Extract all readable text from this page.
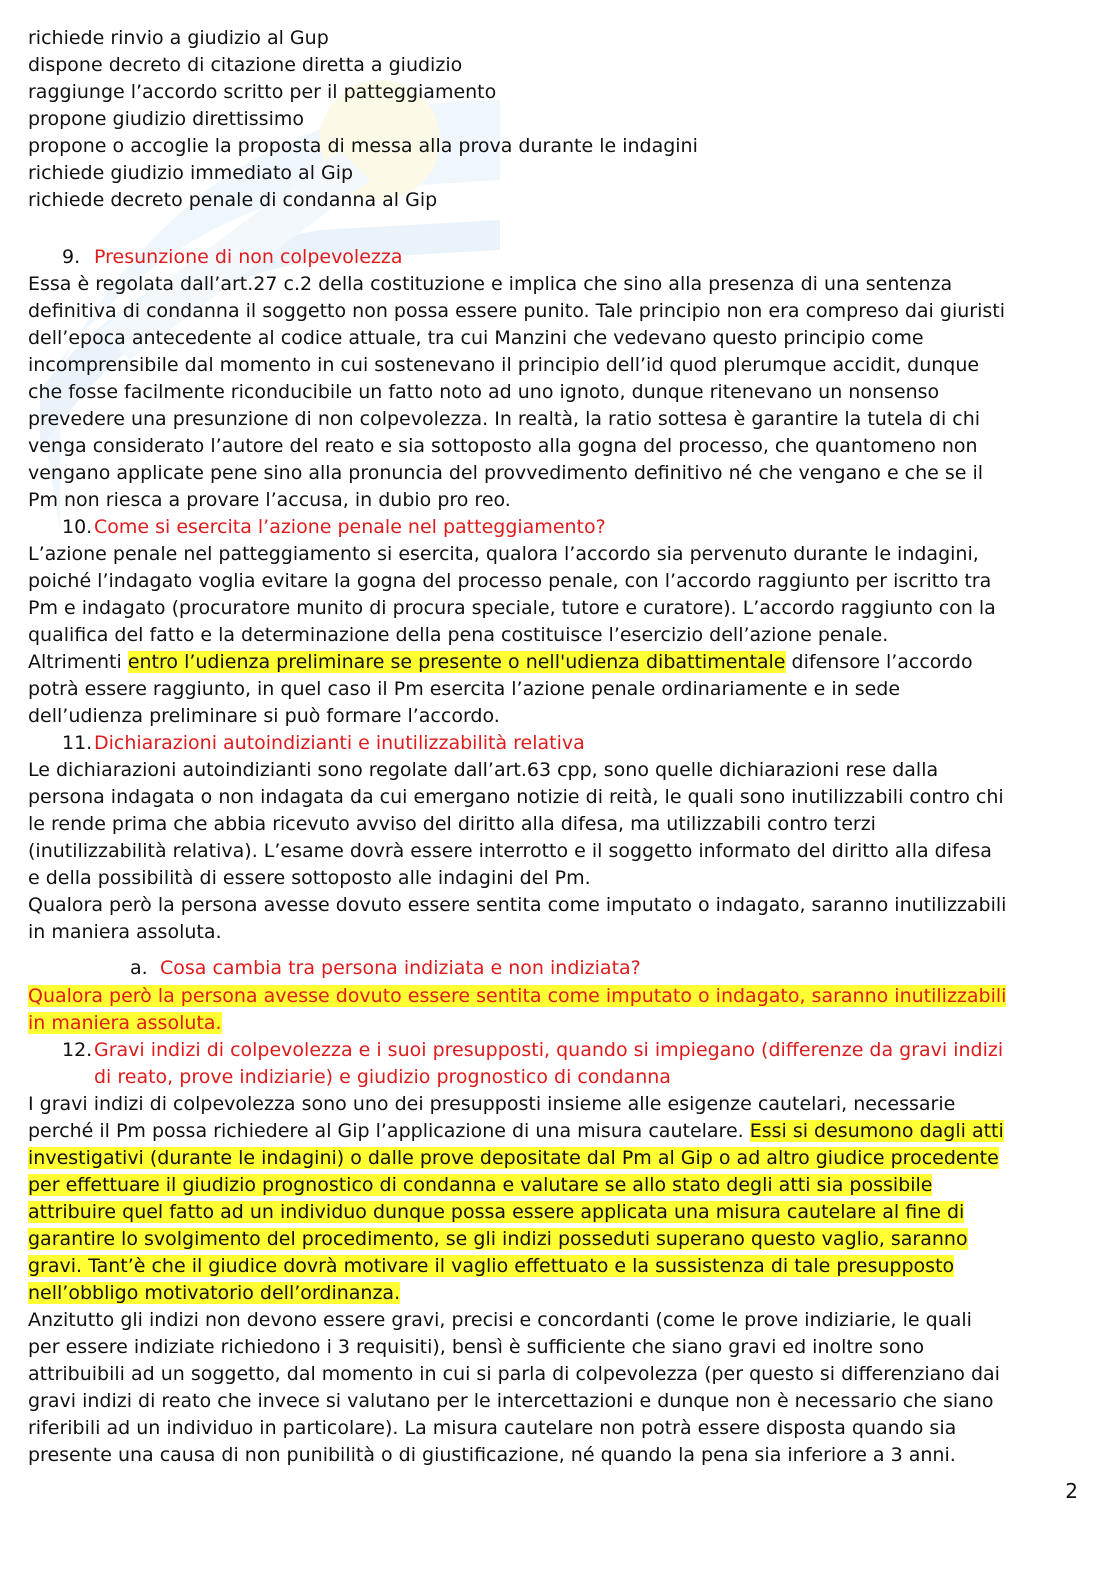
richiede rinvio a giudizio al Gup
dispone decreto di citazione diretta a giudizio
raggiunge l’accordo scritto per il patteggiamento
propone giudizio direttissimo
propone o accoglie la proposta di messa alla prova durante le indagini
richiede giudizio immediato al Gip
richiede decreto penale di condanna al Gip
9. Presunzione di non colpevolezza
Essa è regolata dall’art.27 c.2 della costituzione e implica che sino alla presenza di una sentenza
definitiva di condanna il soggetto non possa essere punito. Tale principio non era compreso dai giuristi
dell’epoca antecedente al codice attuale, tra cui Manzini che vedevano questo principio come
incomprensibile dal momento in cui sostenevano il principio dell’id quod plerumque accidit, dunque
che fosse facilmente riconducibile un fatto noto ad uno ignoto, dunque ritenevano un nonsenso
prevedere una presunzione di non colpevolezza. In realtà, la ratio sottesa è garantire la tutela di chi
venga considerato l’autore del reato e sia sottoposto alla gogna del processo, che quantomeno non
vengano applicate pene sino alla pronuncia del provvedimento definitivo né che vengano e che se il
Pm non riesca a provare l’accusa, in dubio pro reo.
10. Come si esercita l’azione penale nel patteggiamento?
L’azione penale nel patteggiamento si esercita, qualora l’accordo sia pervenuto durante le indagini,
poiché l’indagato voglia evitare la gogna del processo penale, con l’accordo raggiunto per iscritto tra
Pm e indagato (procuratore munito di procura speciale, tutore e curatore). L’accordo raggiunto con la
qualifica del fatto e la determinazione della pena costituisce l’esercizio dell’azione penale.
Altrimenti entro l’udienza preliminare se presente o nell'udienza dibattimentale difensore l’accordo
potrà essere raggiunto, in quel caso il Pm esercita l’azione penale ordinariamente e in sede
dell’udienza preliminare si può formare l’accordo.
11. Dichiarazioni autoindizianti e inutilizzabilità relativa
Le dichiarazioni autoindizianti sono regolate dall’art.63 cpp, sono quelle dichiarazioni rese dalla
persona indagata o non indagata da cui emergano notizie di reità, le quali sono inutilizzabili contro chi
le rende prima che abbia ricevuto avviso del diritto alla difesa, ma utilizzabili contro terzi
(inutilizzabilità relativa). L’esame dovrà essere interrotto e il soggetto informato del diritto alla difesa
e della possibilità di essere sottoposto alle indagini del Pm.
Qualora però la persona avesse dovuto essere sentita come imputato o indagato, saranno inutilizzabili
in maniera assoluta.
a. Cosa cambia tra persona indiziata e non indiziata?
Qualora però la persona avesse dovuto essere sentita come imputato o indagato, saranno inutilizzabili
in maniera assoluta.
12. Gravi indizi di colpevolezza e i suoi presupposti, quando si impiegano (differenze da gravi indizi
di reato, prove indiziarie) e giudizio prognostico di condanna
I gravi indizi di colpevolezza sono uno dei presupposti insieme alle esigenze cautelari, necessarie
perché il Pm possa richiedere al Gip l’applicazione di una misura cautelare. Essi si desumono dagli atti
investigativi (durante le indagini) o dalle prove depositate dal Pm al Gip o ad altro giudice procedente
per effettuare il giudizio prognostico di condanna e valutare se allo stato degli atti sia possibile
attribuire quel fatto ad un individuo dunque possa essere applicata una misura cautelare al fine di
garantire lo svolgimento del procedimento, se gli indizi posseduti superano questo vaglio, saranno
gravi. Tant’è che il giudice dovrà motivare il vaglio effettuato e la sussistenza di tale presupposto
nell’obbligo motivatorio dell’ordinanza.
Anzitutto gli indizi non devono essere gravi, precisi e concordanti (come le prove indiziarie, le quali
per essere indiziate richiedono i 3 requisiti), bensì è sufficiente che siano gravi ed inoltre sono
attribuibili ad un soggetto, dal momento in cui si parla di colpevolezza (per questo si differenziano dai
gravi indizi di reato che invece si valutano per le intercettazioni e dunque non è necessario che siano
riferibili ad un individuo in particolare). La misura cautelare non potrà essere disposta quando sia
presente una causa di non punibilità o di giustificazione, né quando la pena sia inferiore a 3 anni.
2
